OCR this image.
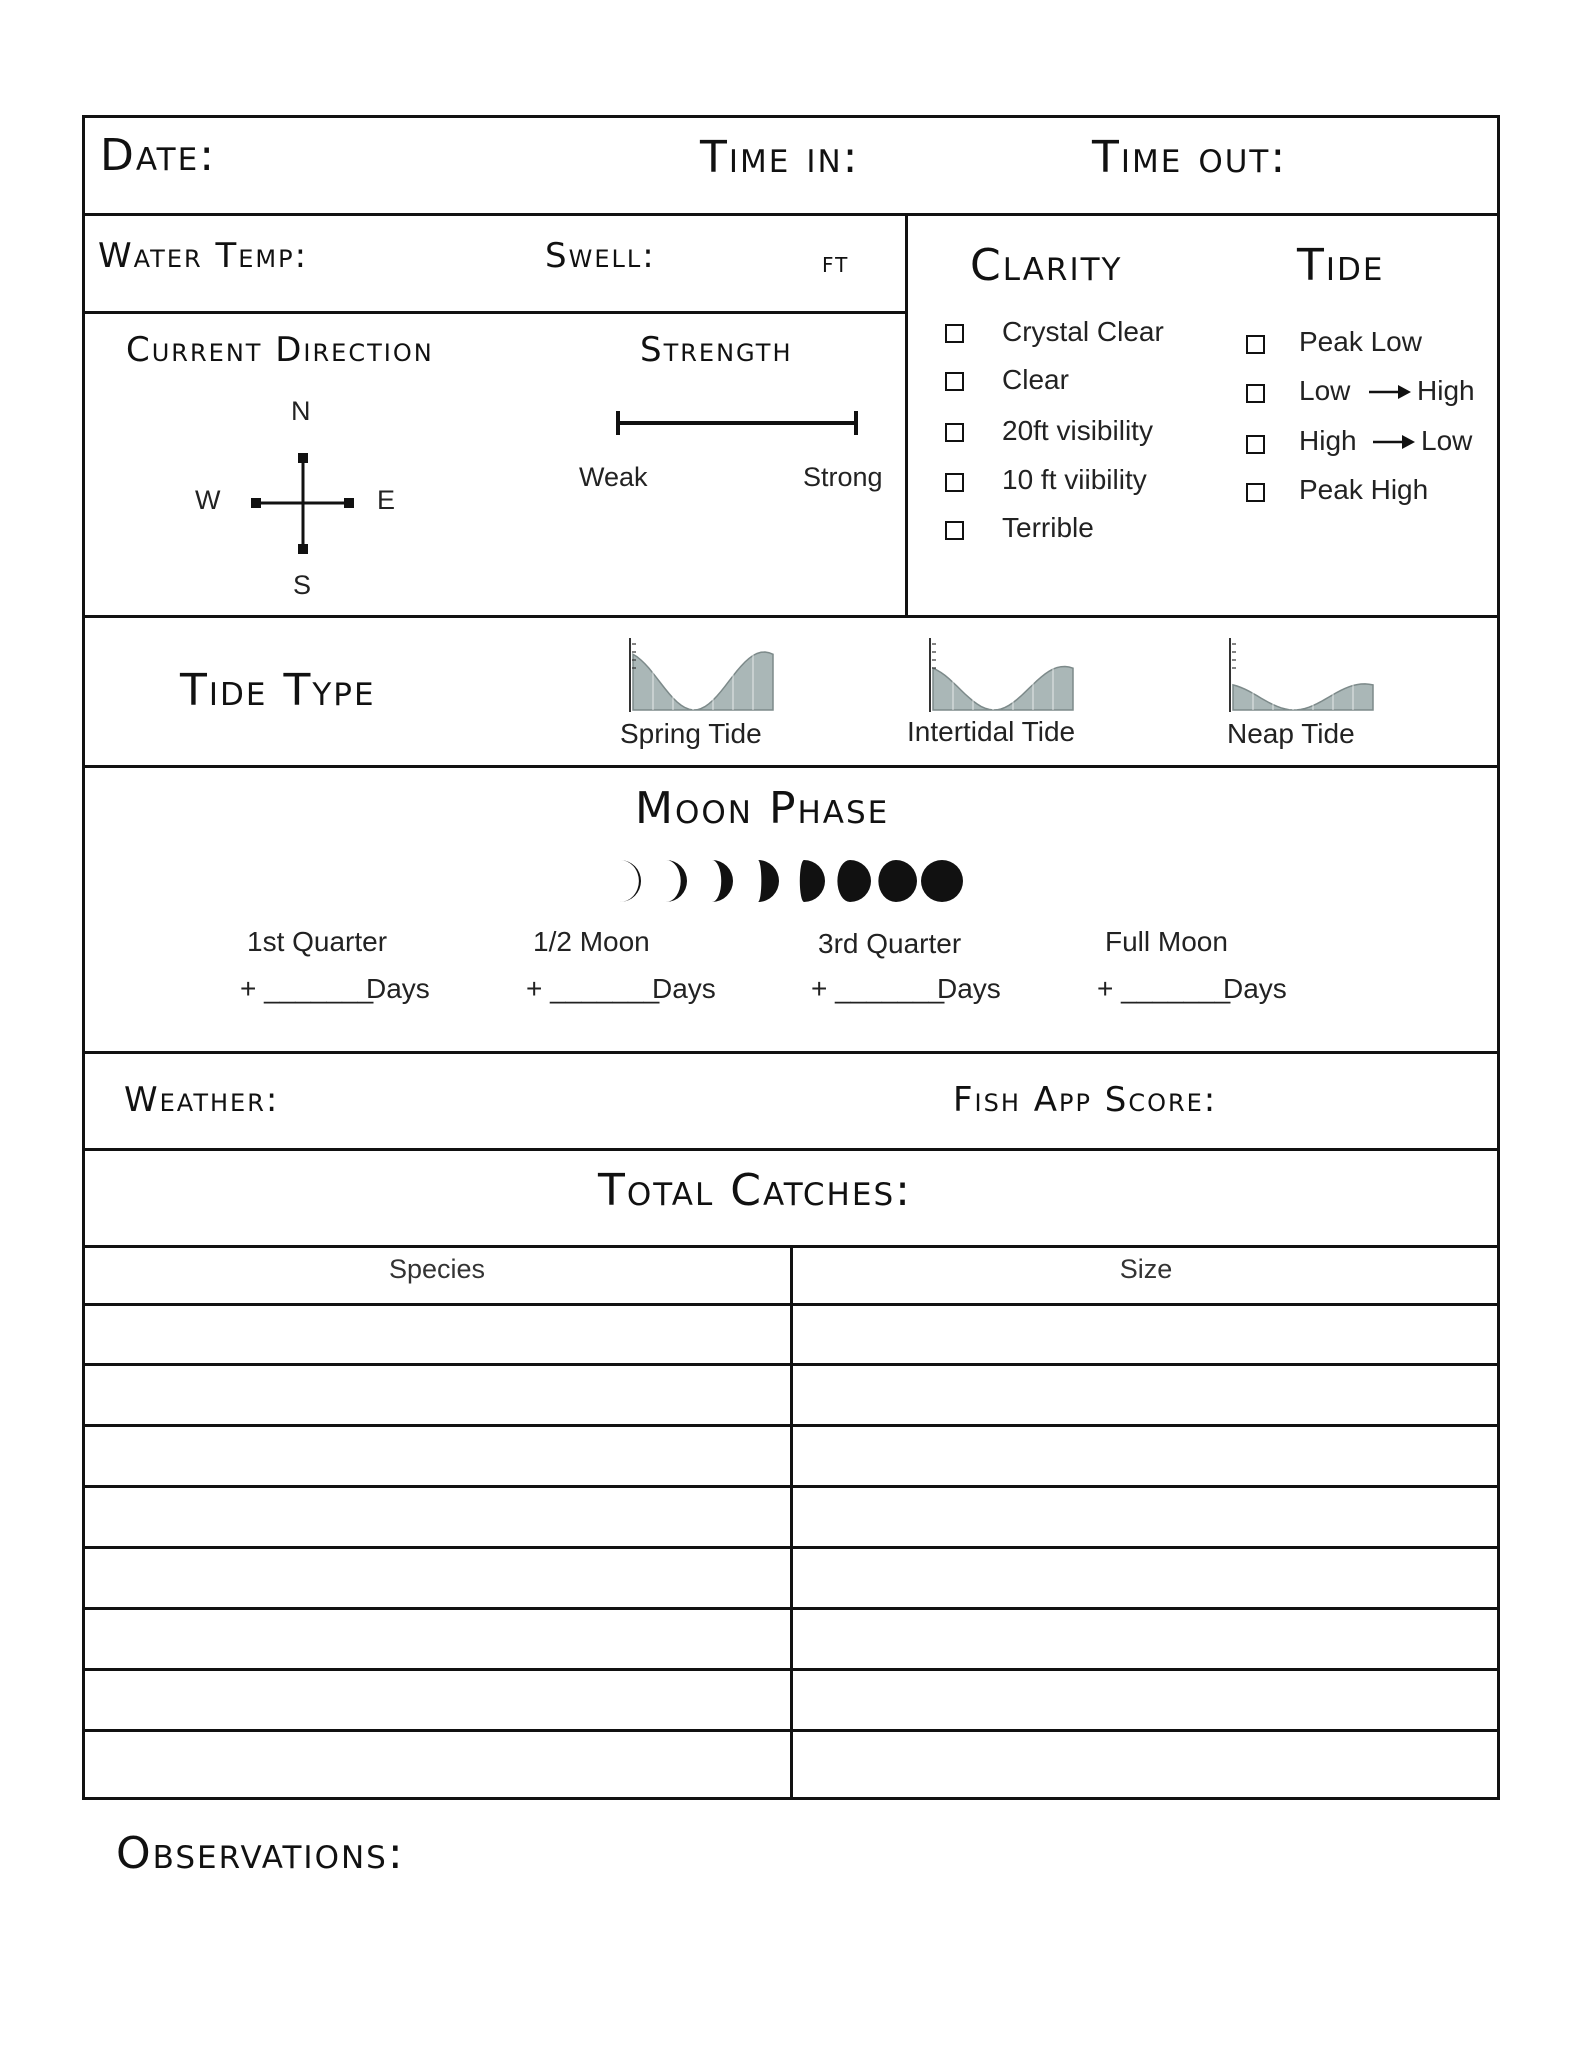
Date:	Time in:	Time out:
Water Temp:	Swell:	ft
Current Direction
N
S
W	E
Strength
Weak	Strong
Clarity
Crystal Clear
Clear
20ft visibility
10 ft viibility
Terrible
Tide
Peak Low
Low High
High Low
Peak High
Tide Type
Spring Tide	Intertidal Tide	Neap Tide
Moon Phase
1st Quarter
+ _______
Days
1/2 Moon
+ _______
Days
3rd Quarter
+ _______
Days
Full Moon
+ _______
Days
Weather:	Fish App Score:
Total Catches:
Species	Size
Observations:
